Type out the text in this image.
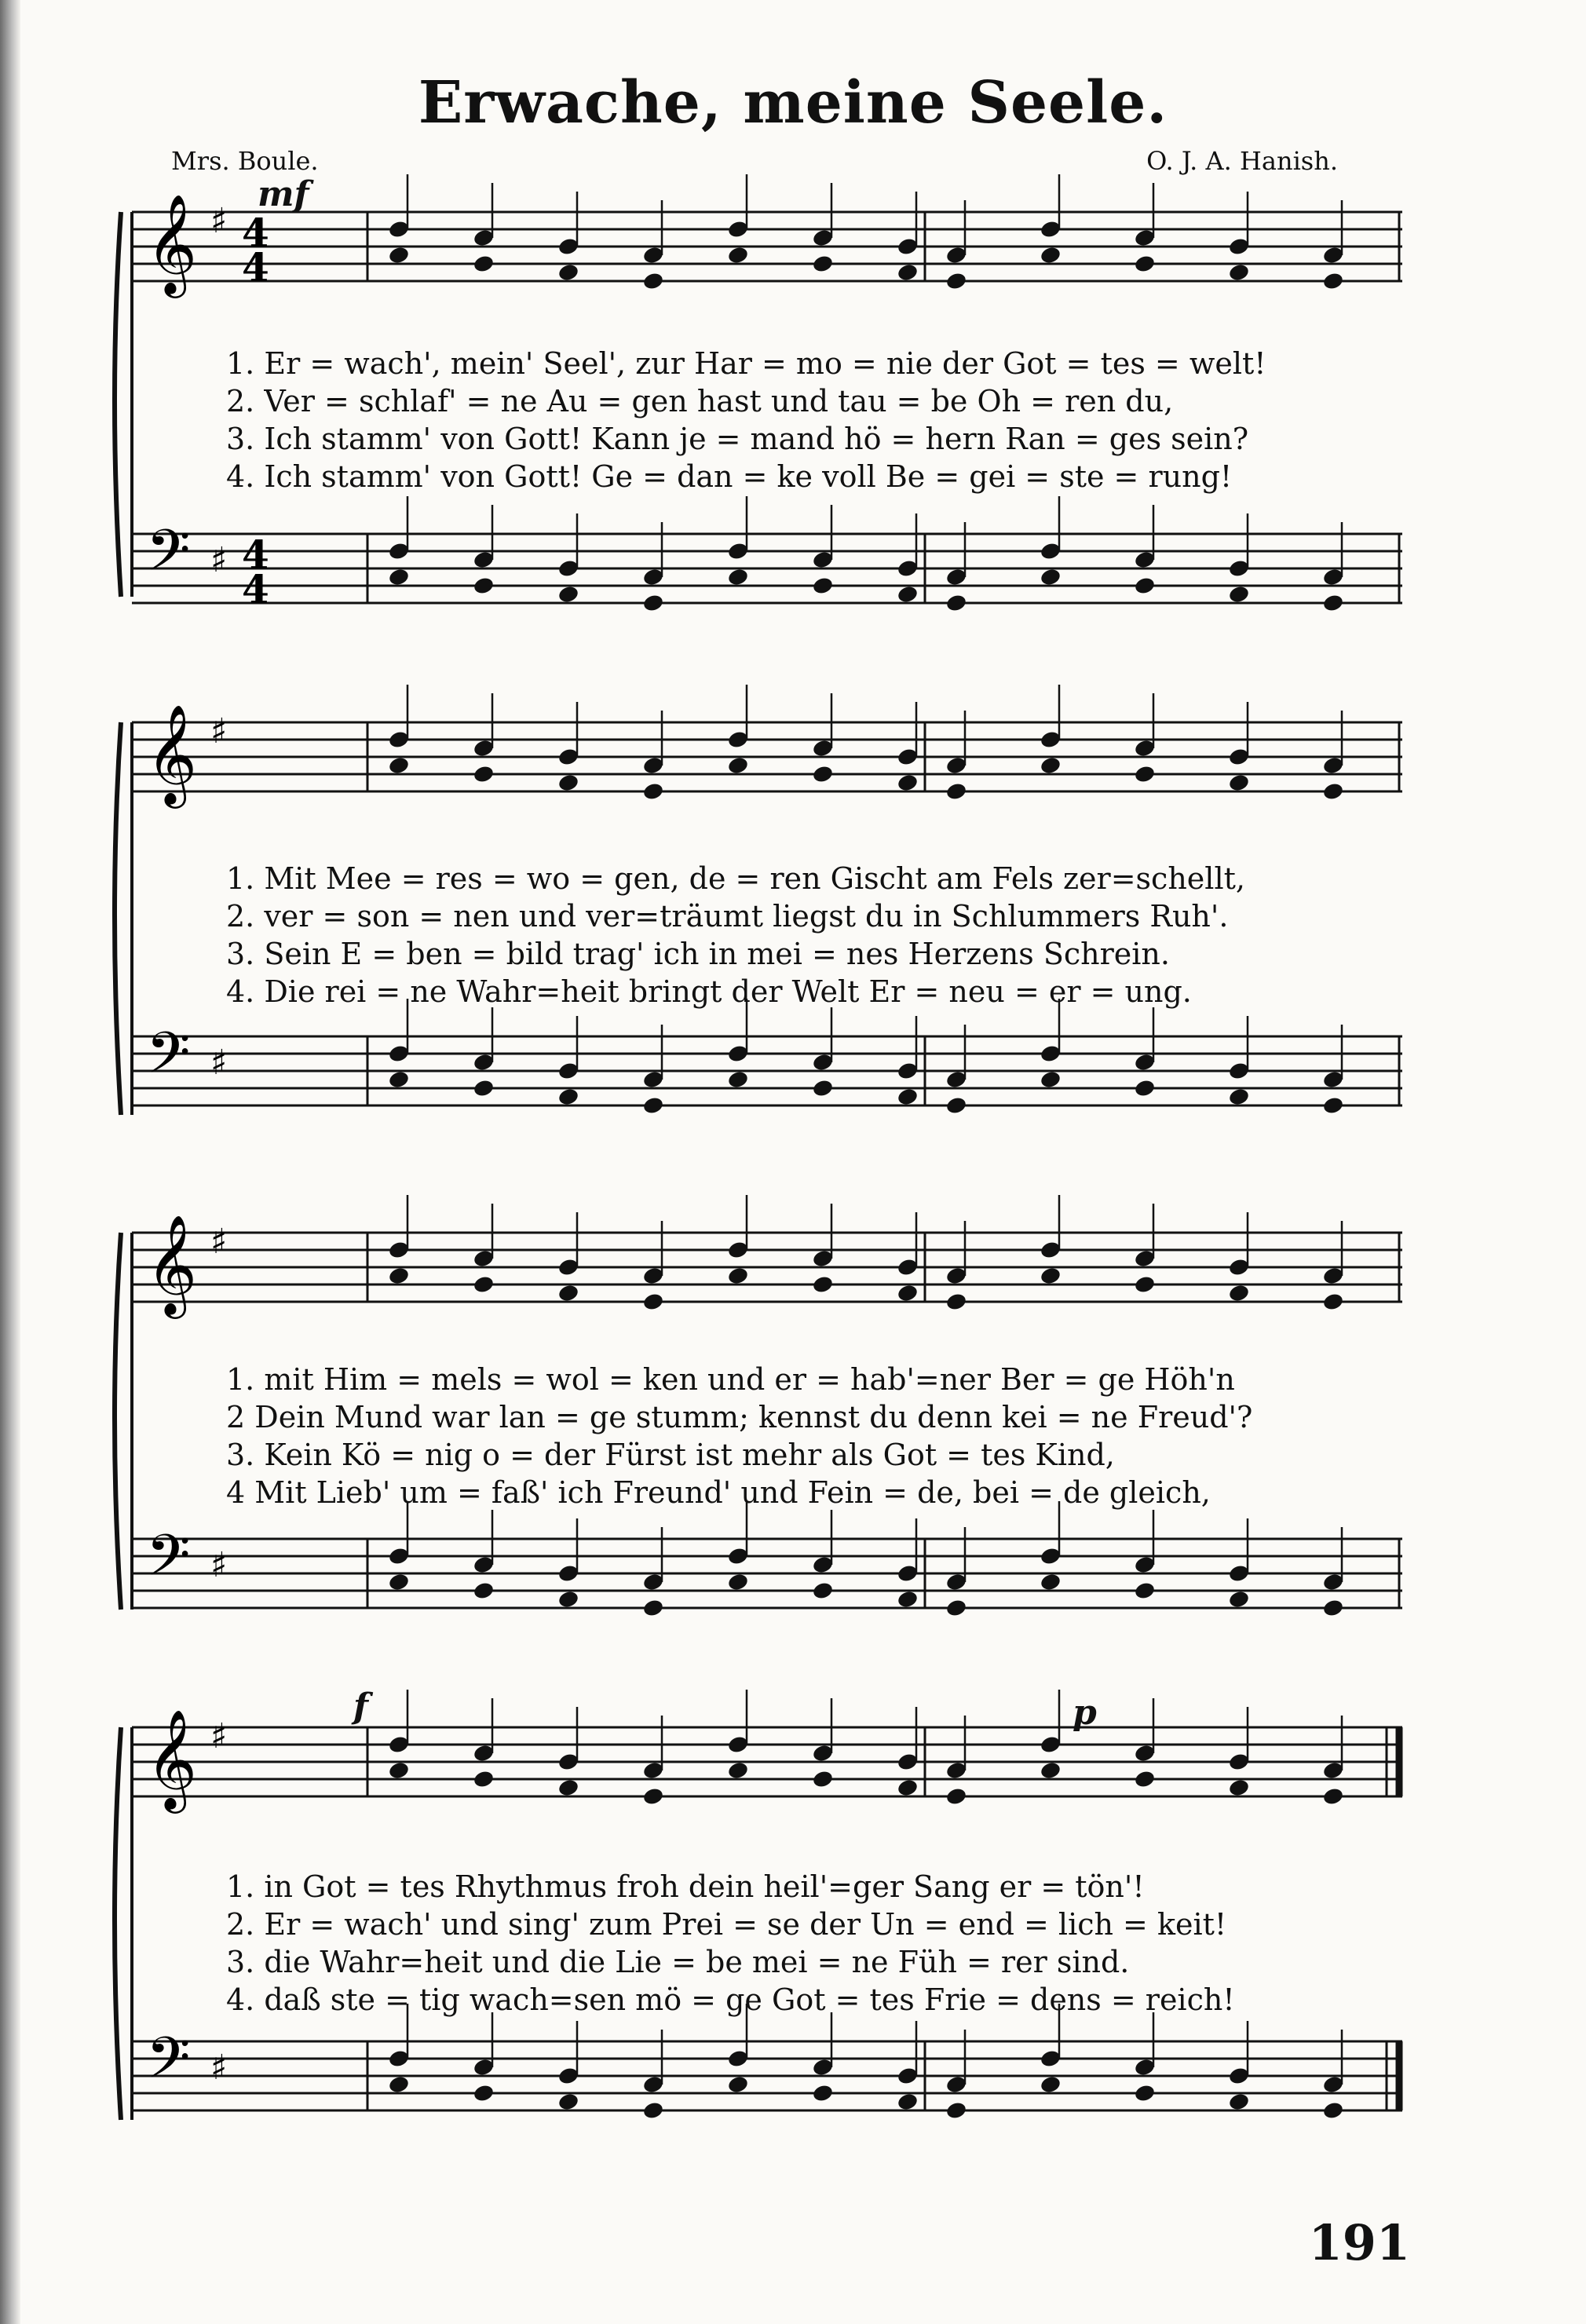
Erwache, meine Seele.
Mrs. Boule.	O. J. A. Hanish.
𝄞 ♯ 4
4
𝄢 ♯ 4
4
mf
1. Er = wach', mein' Seel', zur Har = mo = nie der Got = tes = welt!
2. Ver = schlaf' = ne Au = gen hast und tau = be Oh = ren du,
3. Ich stamm' von Gott! Kann je = mand hö = hern Ran = ges sein?
4. Ich stamm' von Gott! Ge = dan = ke voll Be = gei = ste = rung!
𝄞 ♯
𝄢 ♯
1. Mit Mee = res = wo = gen, de = ren Gischt am Fels zer=schellt,
2. ver = son = nen und ver=träumt liegst du in Schlummers Ruh'.
3. Sein E = ben = bild trag' ich in mei = nes Herzens Schrein.
4. Die rei = ne Wahr=heit bringt der Welt Er = neu = er = ung.
𝄞 ♯
𝄢 ♯
1. mit Him = mels = wol = ken und er = hab'=ner Ber = ge Höh'n
2 Dein Mund war lan = ge stumm; kennst du denn kei = ne Freud'?
3. Kein Kö = nig o = der Fürst ist mehr als Got = tes Kind,
4 Mit Lieb' um = faß' ich Freund' und Fein = de, bei = de gleich,
𝄞 ♯
𝄢 ♯
f	p
1. in Got = tes Rhythmus froh dein heil'=ger Sang er = tön'!
2. Er = wach' und sing' zum Prei = se der Un = end = lich = keit!
3. die Wahr=heit und die Lie = be mei = ne Füh = rer sind.
4. daß ste = tig wach=sen mö = ge Got = tes Frie = dens = reich!
191
